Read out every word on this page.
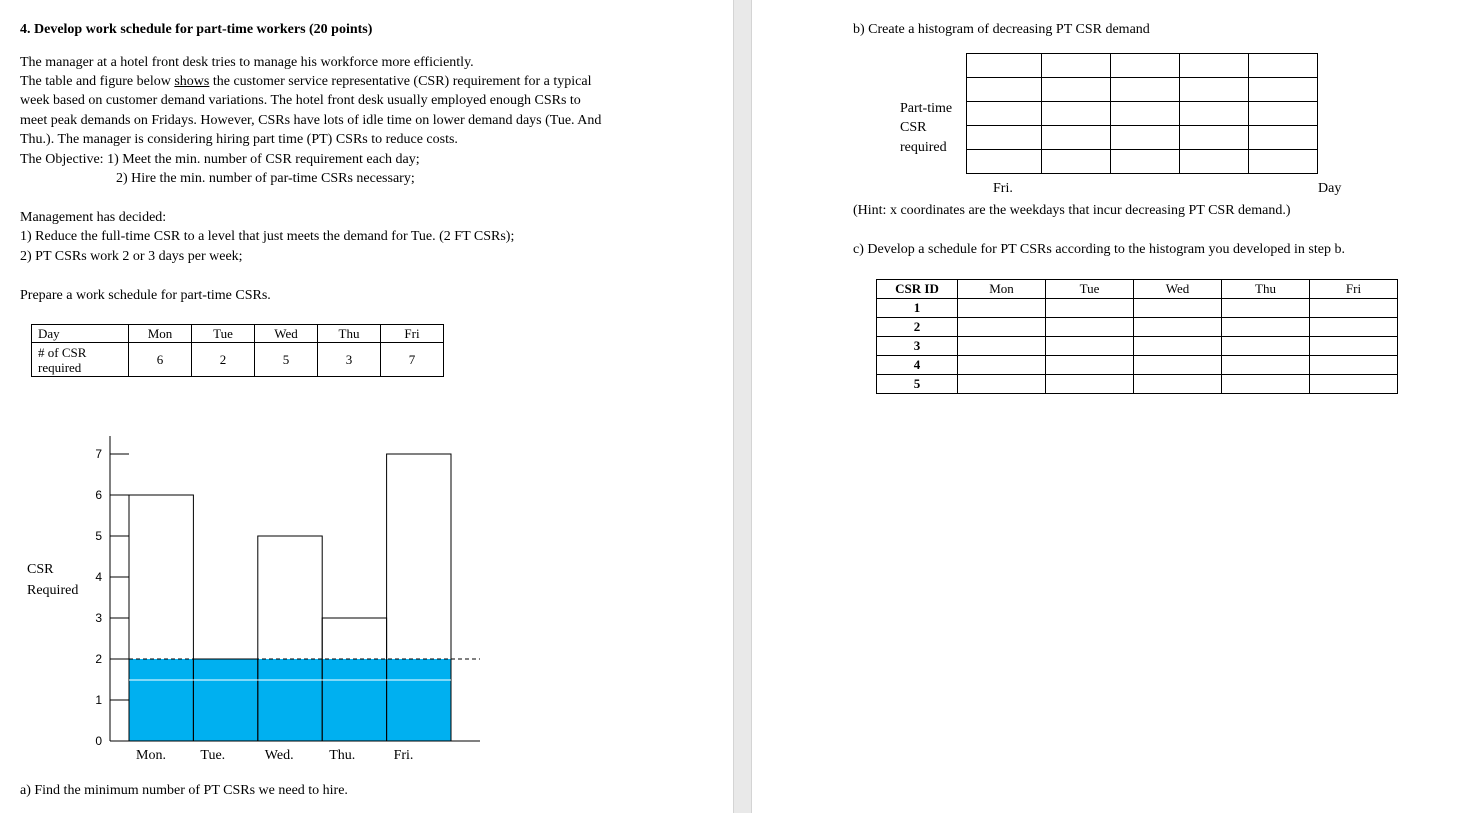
4. Develop work schedule for part-time workers (20 points)
The manager at a hotel front desk tries to manage his workforce more efficiently.
The table and figure below shows the customer service representative (CSR) requirement for a typical
week based on customer demand variations. The hotel front desk usually employed enough CSRs to
meet peak demands on Fridays. However, CSRs have lots of idle time on lower demand days (Tue. And
Thu.). The manager is considering hiring part time (PT) CSRs to reduce costs.
The Objective: 1) Meet the min. number of CSR requirement each day;
2) Hire the min. number of par-time CSRs necessary;
Management has decided:
1) Reduce the full-time CSR to a level that just meets the demand for Tue. (2 FT CSRs);
2) PT CSRs work 2 or 3 days per week;
Prepare a work schedule for part-time CSRs.
Day	Mon	Tue	Wed	Thu	Fri
# of CSR
required	6	2	5	3	7
0
1
2
3
4
5
6
7
Mon. Tue.	Wed.	Thu.	Fri.
CSR
Required
a) Find the minimum number of PT CSRs we need to hire.
b) Create a histogram of decreasing PT CSR demand
Part-time
CSR
required
Fri.	Day
(Hint: x coordinates are the weekdays that incur decreasing PT CSR demand.)
c) Develop a schedule for PT CSRs according to the histogram you developed in step b.

CSR ID	Mon	Tue	Wed	Thu	Fri
1					
2					
3					
4					
5					
